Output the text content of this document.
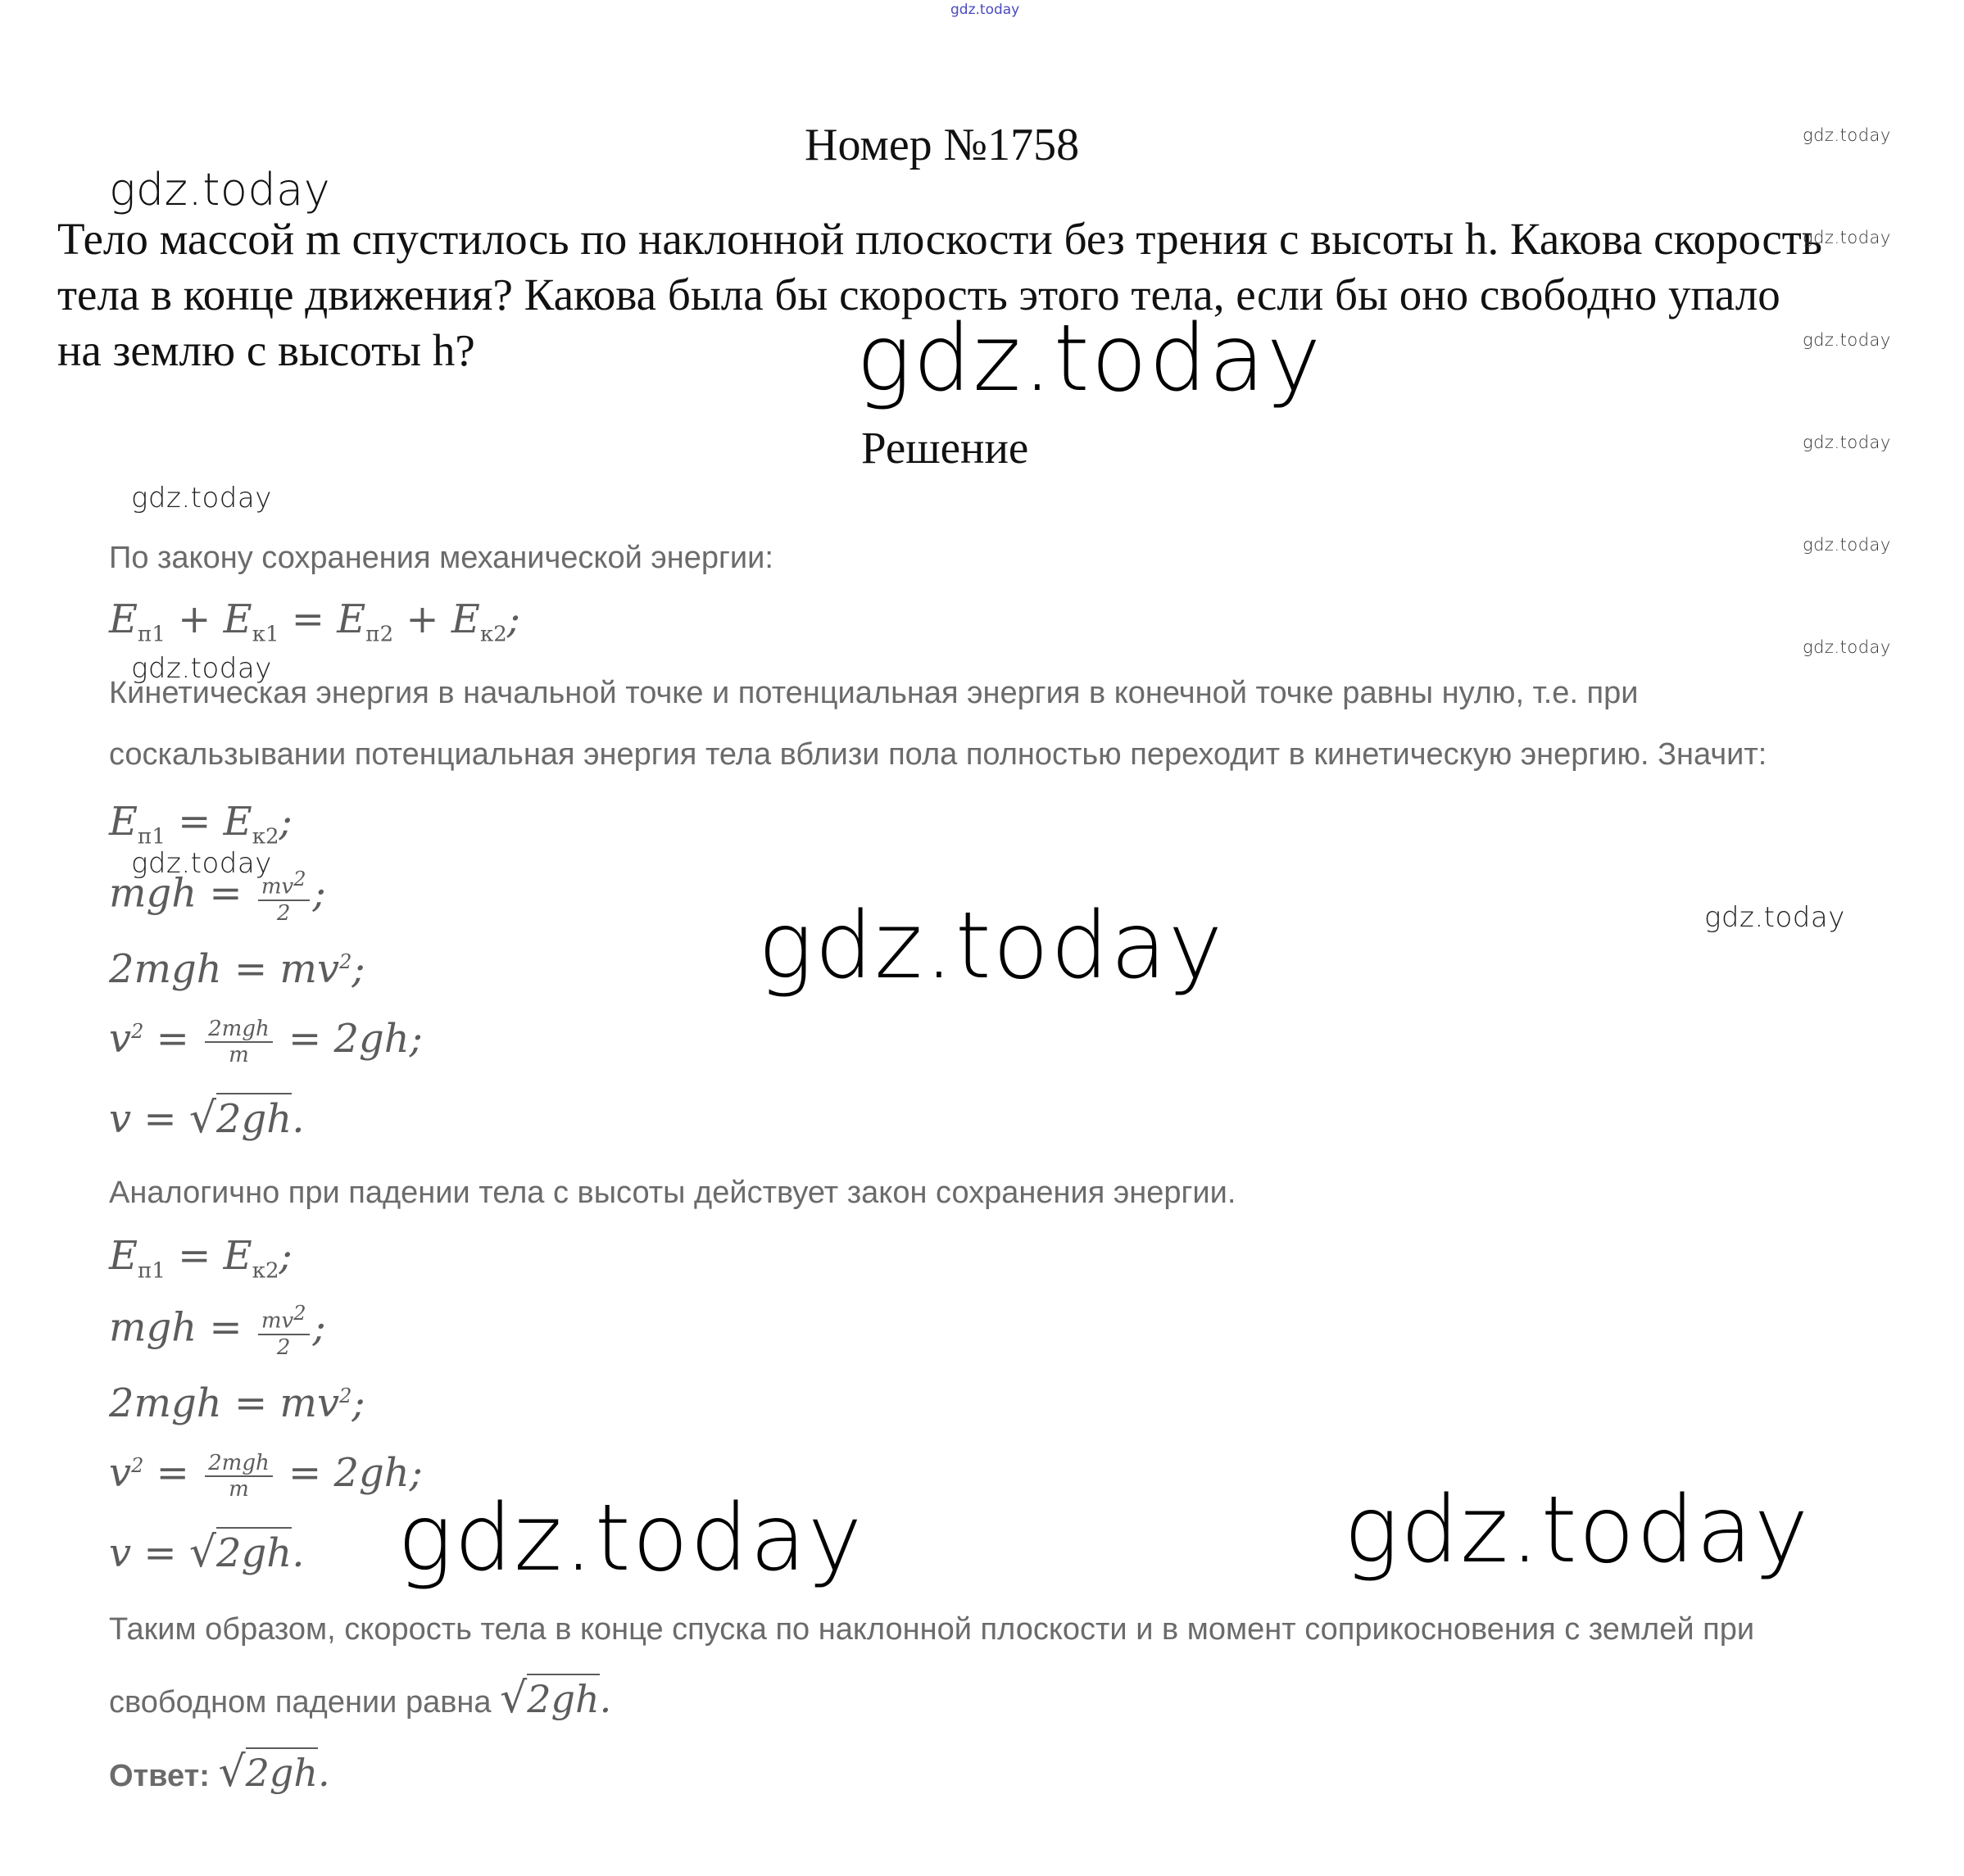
gdz.today
Номер №1758
Тело массой m спустилось по наклонной плоскости без трения с высоты h. Какова скорость тела в конце движения? Какова была бы скорость этого тела, если бы оно свободно упало на землю с высоты h?
Решение
По закону сохранения механической энергии:
$E_{п1} + E_{к1} = E_{п2} + E_{к2}$;
Кинетическая энергия в начальной точке и потенциальная энергия в конечной точке равны нулю, т.е. при
соскальзывании потенциальная энергия тела вблизи пола полностью переходит в кинетическую энергию. Значит:
$E_{п1} = E_{к2}$;
mgh = $\frac{mv^2}{2}$ ;
$2mgh = mv^2$;
$v^2 = \frac{\text{2mgh}}{m} = 2gh$;
v = √2gh.
Аналогично при падении тела с высоты действует закон сохранения энергии.
$E_{п1} = E_{к2}$;
mgh = $\frac{mv^2}{2}$ ;
$2mgh = mv^2$;
$v^2 = \frac{\text{2mgh}}{m} = 2gh$;
v = √2gh.
Таким образом, скорость тела в конце спуска по наклонной плоскости и в момент соприкосновения с землей при
свободном падении равна √2gh.
Ответ: √2gh.
gdz.today
gdz.today
gdz.today
gdz.today
gdz.today
gdz.today
gdz.today
gdz.today
gdz.today
gdz.today
gdz.today
gdz.today
gdz.today
gdz.today	gdz.today
